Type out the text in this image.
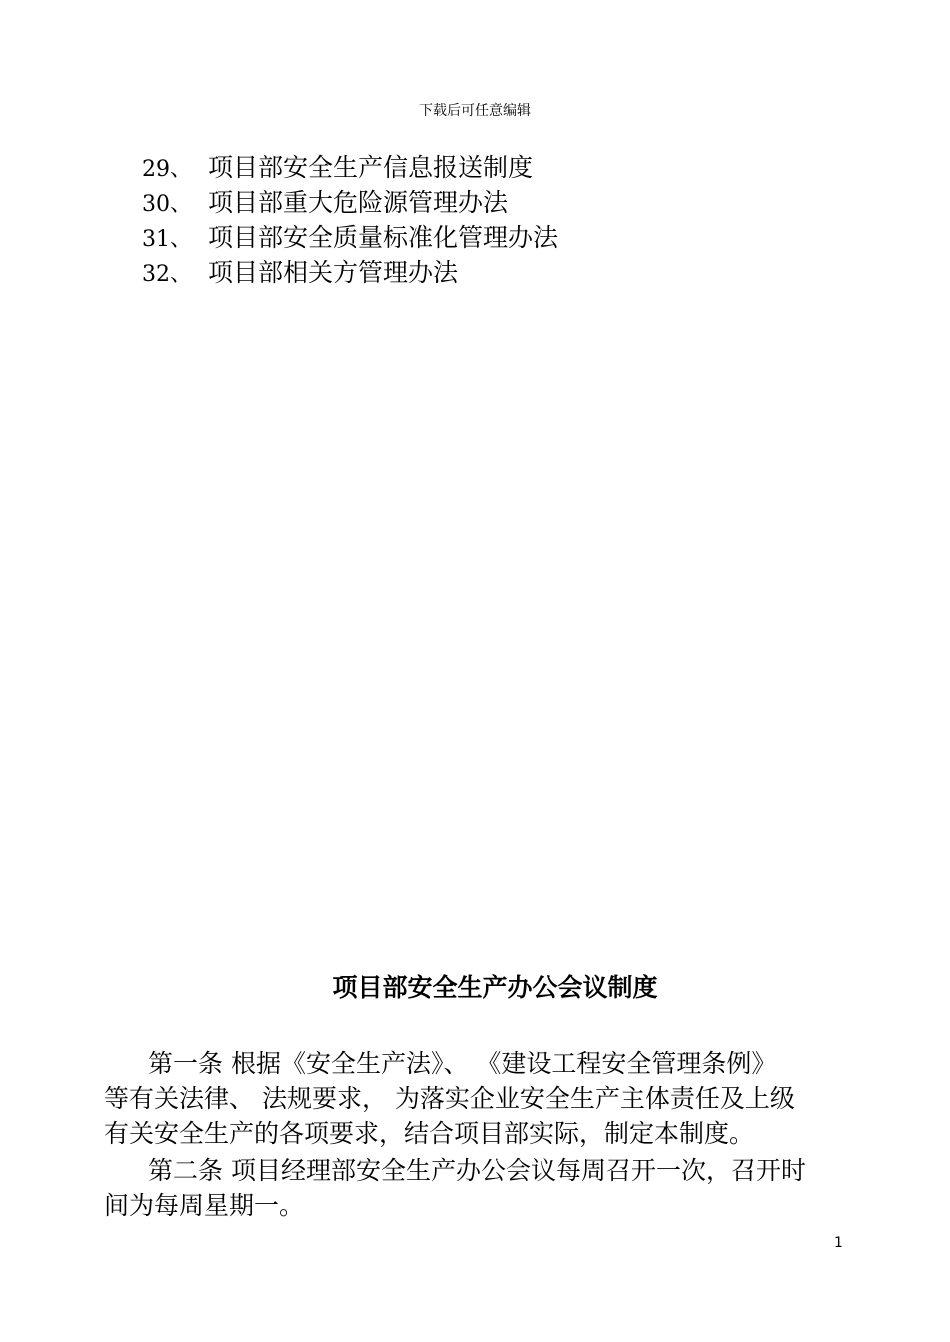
下载后可任意编辑
29、 项目部安全生产信息报送制度
30、 项目部重大危险源管理办法
31、 项目部安全质量标准化管理办法
32、 项目部相关方管理办法
项目部安全生产办公会议制度
第一条 根据《安全生产法》、 《建设工程安全管理条例》
等有关法律、 法规要求， 为落实企业安全生产主体责任及上级
有关安全生产的各项要求，结合项目部实际，制定本制度。
第二条 项目经理部安全生产办公会议每周召开一次，召开时
间为每周星期一。
1
